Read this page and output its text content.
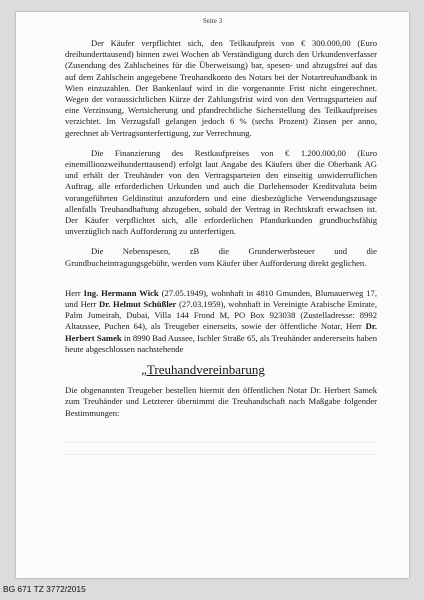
Seite 3

Der Käufer verpflichtet sich, den Teilkaufpreis von € 300.000,00 (Euro dreihunderttausend) binnen zwei Wochen ab Verständigung durch den Urkundenverfasser (Zusendung des Zahlscheines für die Überweisung) bar, spesen- und abzugsfrei auf das auf dem Zahlschein angegebene Treuhandkonto des Notars bei der Notartreuhandbank in Wien einzuzahlen. Der Bankenlauf wird in die vorgenannte Frist nicht eingerechnet. Wegen der voraussichtlichen Kürze der Zahlungsfrist wird von den Vertragsparteien auf eine Verzinsung, Wertsicherung und pfandrechtliche Sicherstellung des Teilkaufpreises verzichtet. Im Verzugsfall gelangen jedoch 6 % (sechs Prozent) Zinsen per anno, gerechnet ab Vertragsunterfertigung, zur Verrechnung.

Die Finanzierung des Restkaufpreises von € 1.200.000,00 (Euro einemillionzweihunderttausend) erfolgt laut Angabe des Käufers über die Oberbank AG und erhält der Treuhänder von den Vertragsparteien den einseitig unwiderruflichen Auftrag, alle erforderlichen Urkunden und auch die Darlehensoder Kreditvaluta beim vorangeführten Geldinstitut anzufordern und eine diesbezügliche Verwendungszusage allenfalls Treuhandhaftung abzugeben, sobald der Vertrag in Rechtskraft erwachsen ist. Der Käufer verpflichtet sich, alle erforderlichen Pfandurkunden grundbuchsfähig unverzüglich nach Aufforderung zu unterfertigen.

Die Nebenspesen, zB die Grunderwerbsteuer und die Grundbucheintragungsgebühr, werden vom Käufer über Aufforderung direkt geglichen.

Herr Ing. Hermann Wick (27.05.1949), wohnhaft in 4810 Gmunden, Blumauerweg 17, und Herr Dr. Helmut Schüßler (27.03.1959), wohnhaft in Vereinigte Arabische Emirate, Palm Jumeirah, Dubai, Villa 144 Frond M, PO Box 923038 (Zustelladresse: 8992 Altaussee, Puchen 64), als Treugeber einerseits, sowie der öffentliche Notar, Herr Dr. Herbert Samek in 8990 Bad Aussee, Ischler Straße 65, als Treuhänder andererseits haben heute abgeschlossen nachstehende

„Treuhandvereinbarung

Die obgenannten Treugeber bestellen hiermit den öffentlichen Notar Dr. Herbert Samek zum Treuhänder und Letzterer übernimmt die Treuhandschaft nach Maßgabe folgender Bestimmungen:

BG 671 TZ 3772/2015
